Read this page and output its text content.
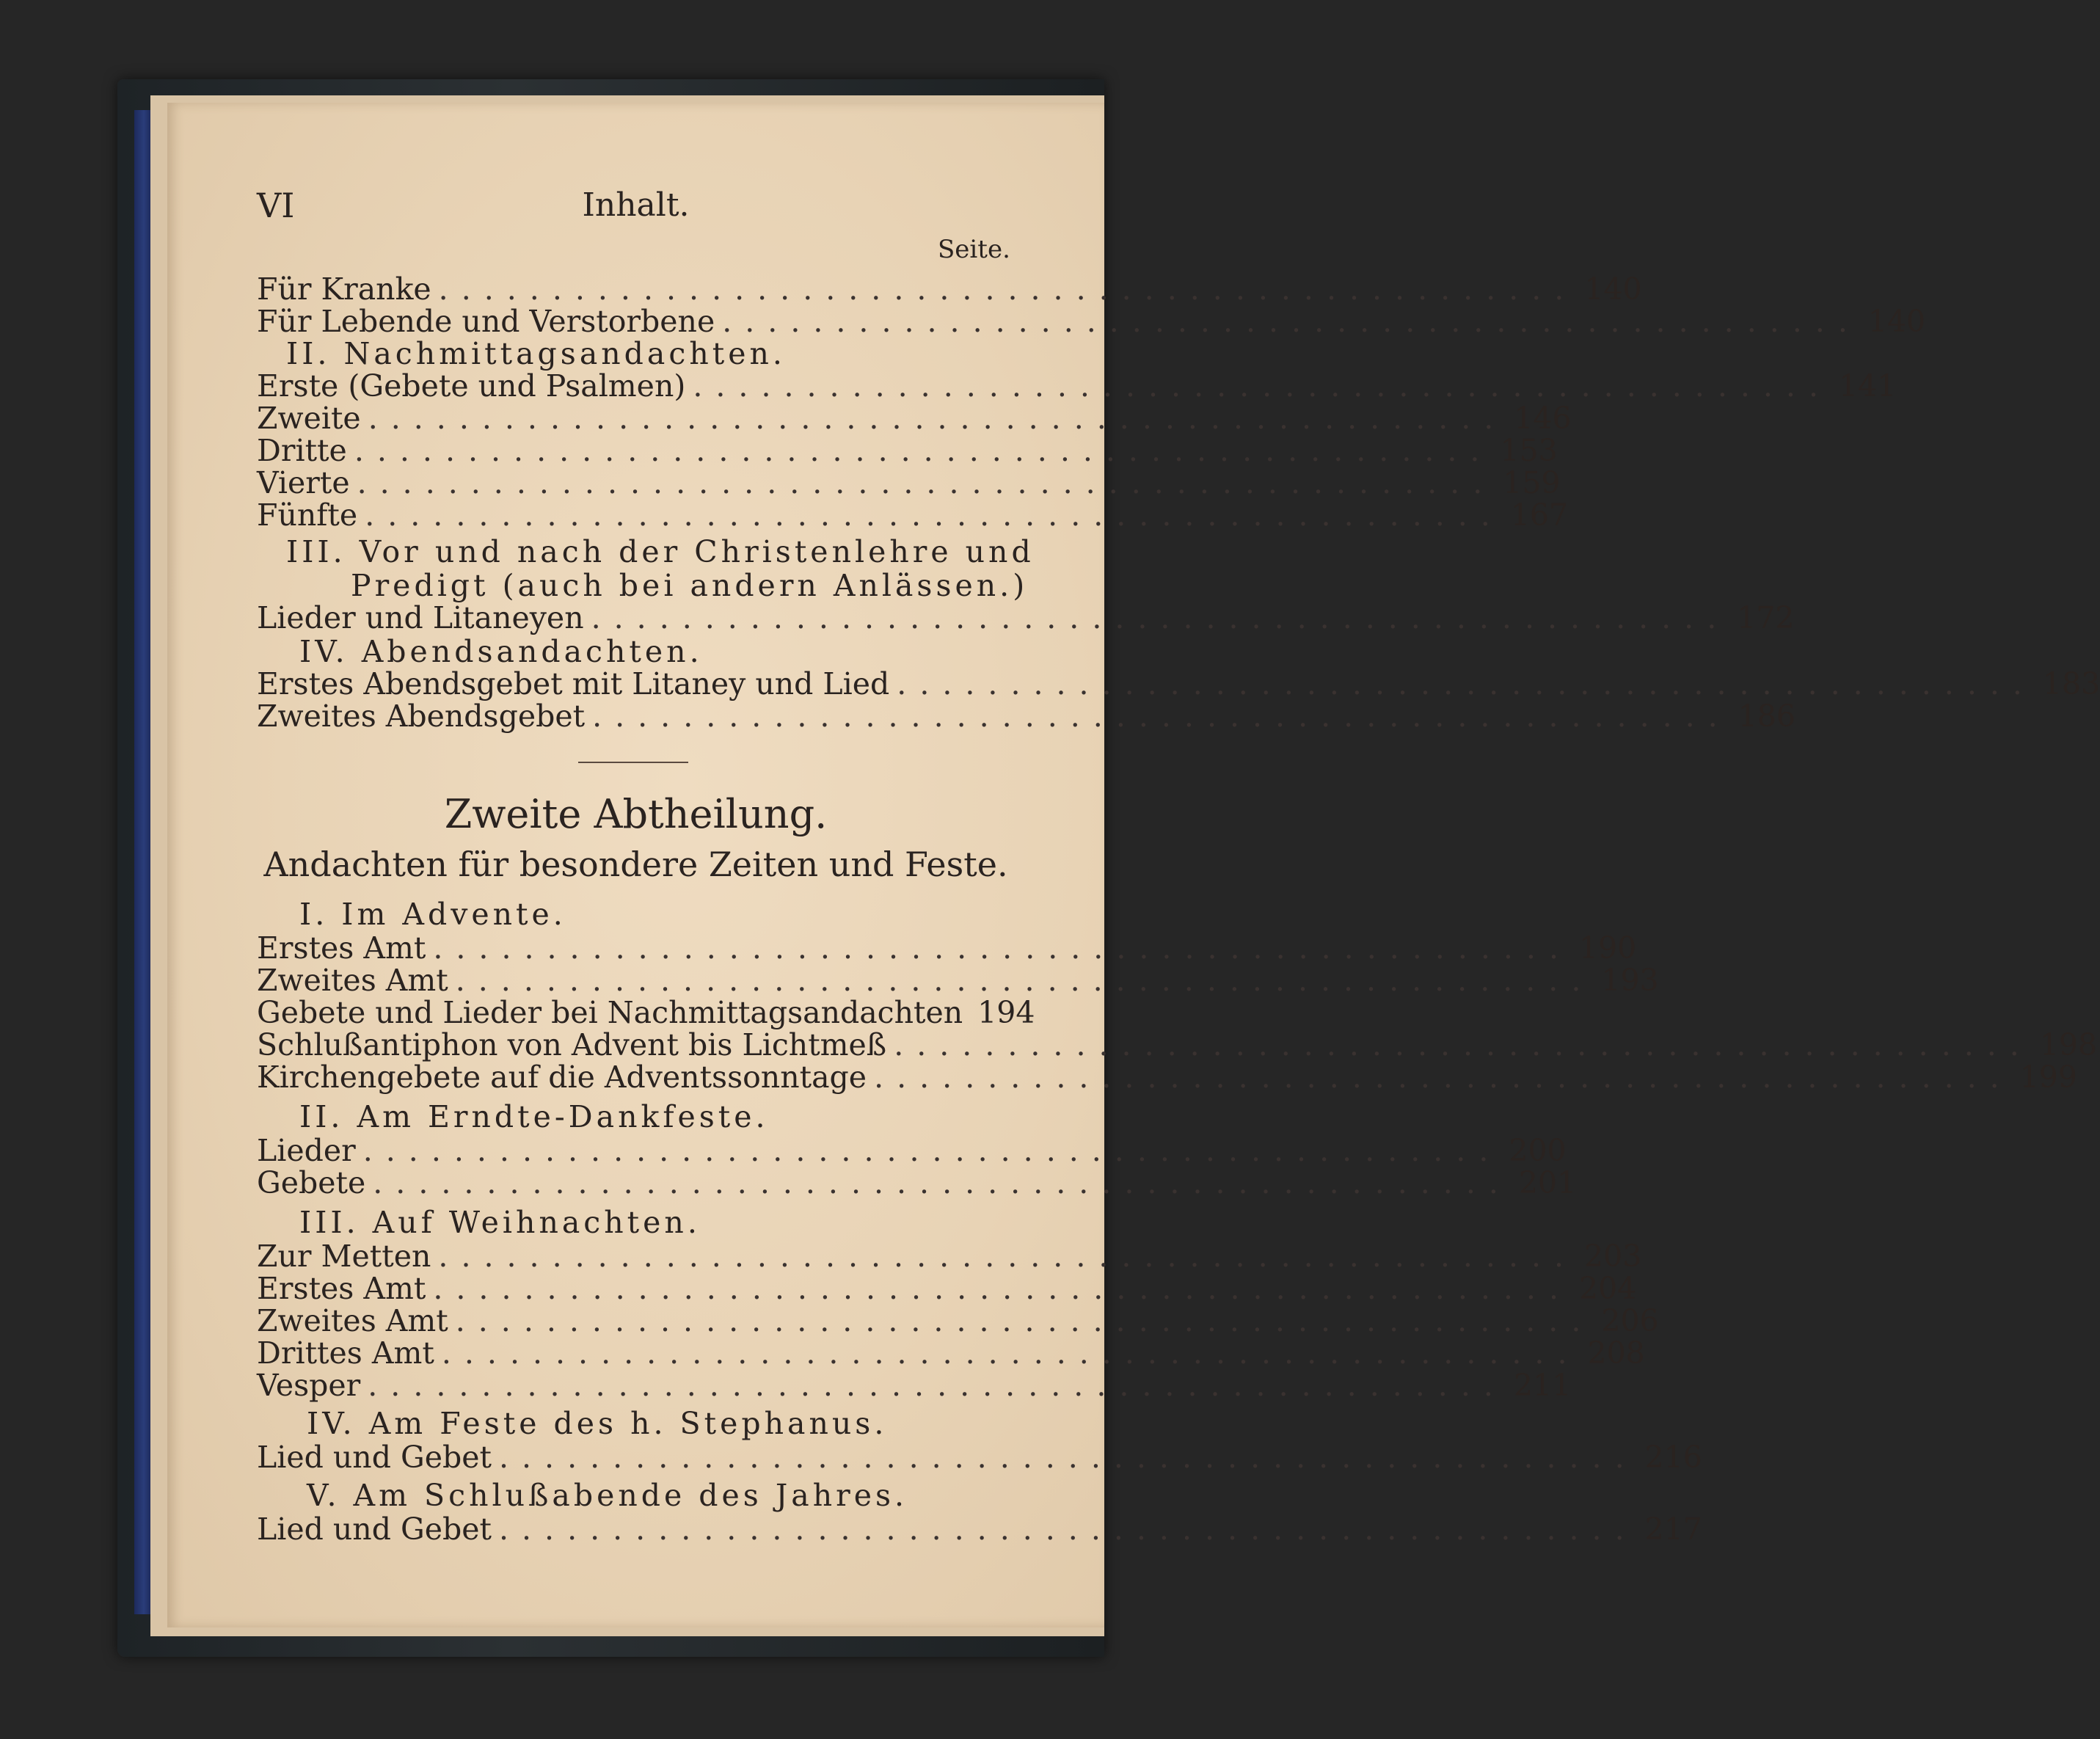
VI	Inhalt.
Seite.
Für Kranke .................................................. 140
Für Lebende und Verstorbene .................................................. 140
II. Nachmittagsandachten.
Erste (Gebete und Psalmen) .................................................. 141
Zweite .................................................. 146
Dritte .................................................. 153
Vierte .................................................. 159
Fünfte .................................................. 167
III. Vor und nach der Christenlehre und
Predigt (auch bei andern Anlässen.)
Lieder und Litaneyen .................................................. 172
IV. Abendsandachten.
Erstes Abendsgebet mit Litaney und Lied .................................................. 183
Zweites Abendsgebet .................................................. 186
Zweite Abtheilung.
Andachten für besondere Zeiten und Feste.
I. Im Advente.
Erstes Amt .................................................. 190
Zweites Amt .................................................. 193
Gebete und Lieder bei Nachmittagsandachten 194
Schlußantiphon von Advent bis Lichtmeß .................................................. 198
Kirchengebete auf die Adventssonntage .................................................. 199
II. Am Erndte-Dankfeste.
Lieder .................................................. 200
Gebete .................................................. 201
III. Auf Weihnachten.
Zur Metten .................................................. 203
Erstes Amt .................................................. 204
Zweites Amt .................................................. 206
Drittes Amt .................................................. 208
Vesper .................................................. 211
IV. Am Feste des h. Stephanus.
Lied und Gebet .................................................. 216
V. Am Schlußabende des Jahres.
Lied und Gebet .................................................. 217
